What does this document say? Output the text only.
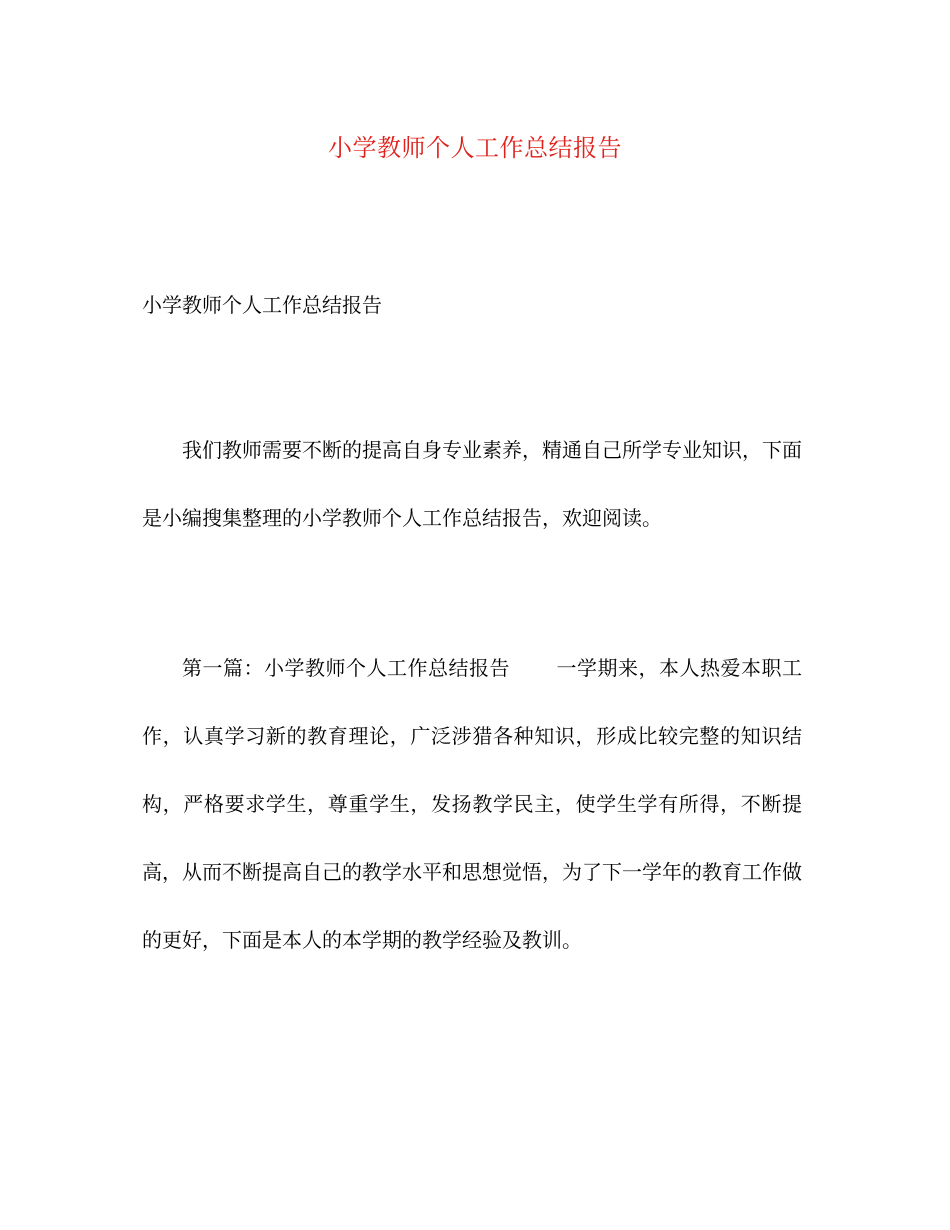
小学教师个人工作总结报告
小学教师个人工作总结报告

我们教师需要不断的提高自身专业素养，精通自己所学专业知识，下面是小编搜集整理的小学教师个人工作总结报告，欢迎阅读。

第一篇：小学教师个人工作总结报告 一学期来，本人热爱本职工作，认真学习新的教育理论，广泛涉猎各种知识，形成比较完整的知识结构，严格要求学生，尊重学生，发扬教学民主，使学生学有所得，不断提高，从而不断提高自己的教学水平和思想觉悟，为了下一学年的教育工作做的更好，下面是本人的本学期的教学经验及教训。
